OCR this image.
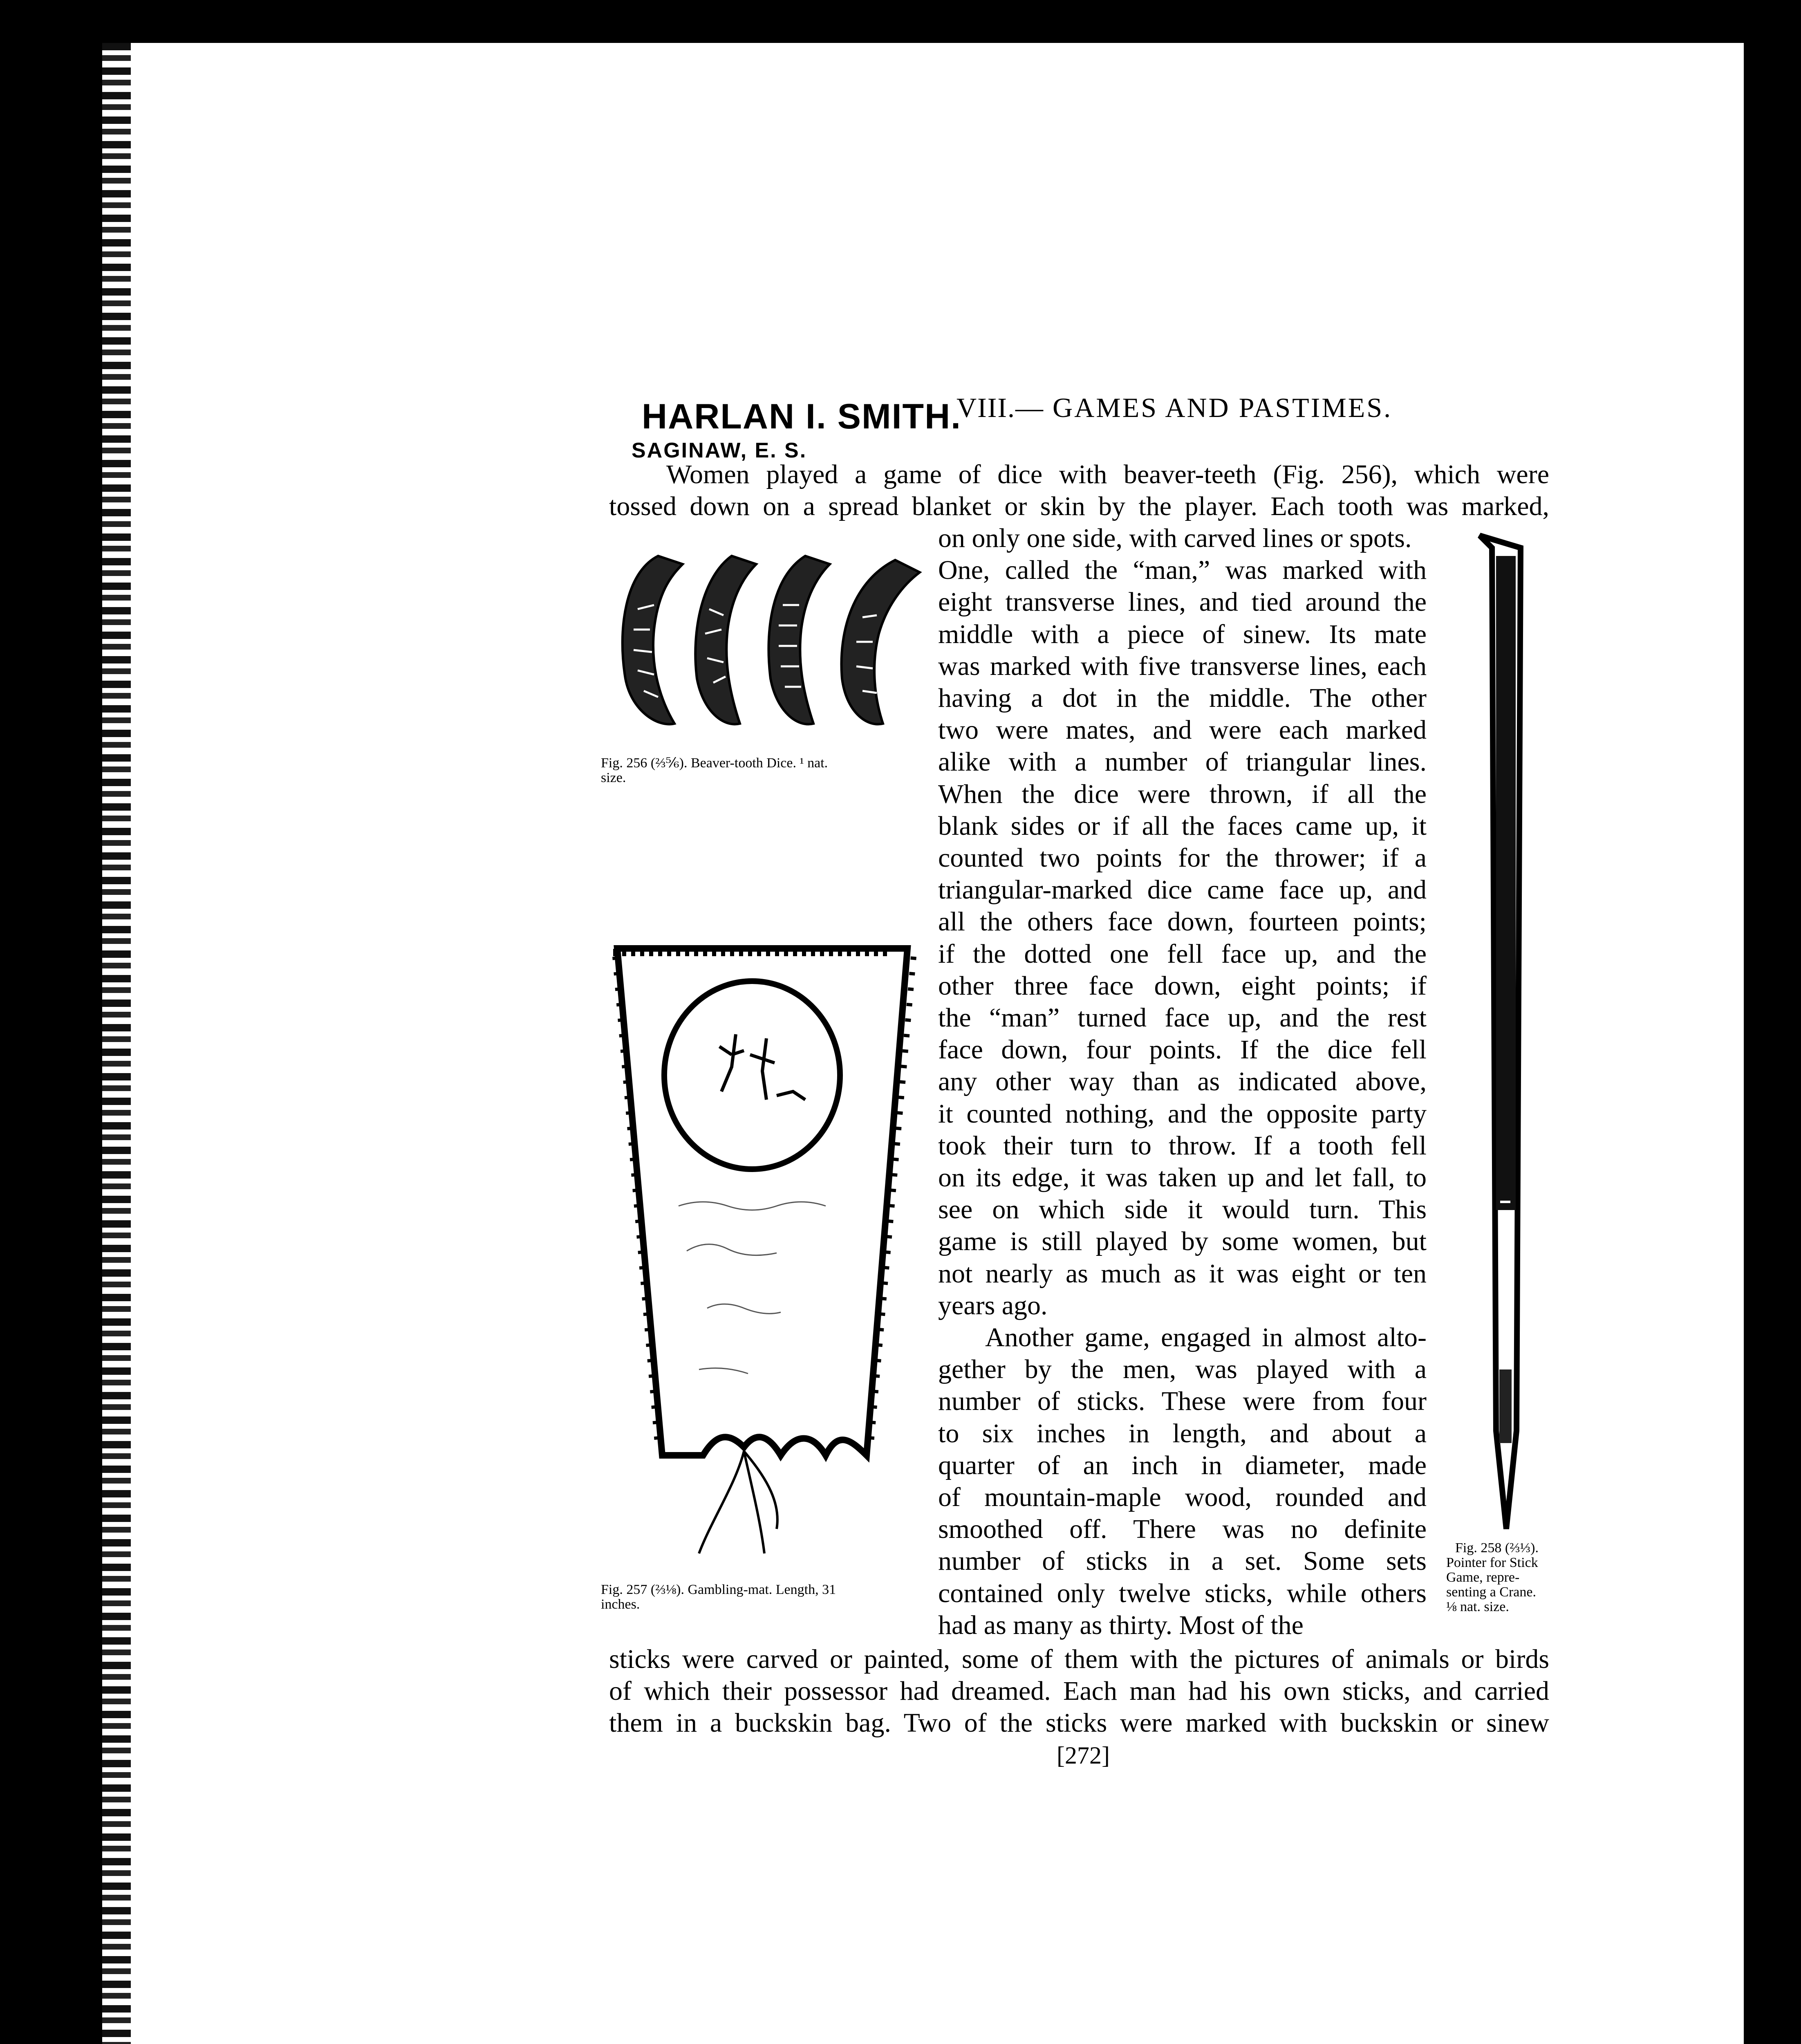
HARLAN I. SMITH.
SAGINAW, E. S.
VIII.— GAMES AND PASTIMES.
Women played a game of dice with beaver-teeth (Fig. 256), which were
tossed down on a spread blanket or skin by the player. Each tooth was marked,
on only one side, with carved lines or spots.
One, called the “man,” was marked with
eight transverse lines, and tied around the
middle with a piece of sinew. Its mate
was marked with five transverse lines, each
having a dot in the middle. The other
two were mates, and were each marked
alike with a number of triangular lines.
When the dice were thrown, if all the
blank sides or if all the faces came up, it
counted two points for the thrower; if a
triangular-marked dice came face up, and
all the others face down, fourteen points;
if the dotted one fell face up, and the
other three face down, eight points; if
the “man” turned face up, and the rest
face down, four points. If the dice fell
any other way than as indicated above,
it counted nothing, and the opposite party
took their turn to throw. If a tooth fell
on its edge, it was taken up and let fall, to
see on which side it would turn. This
game is still played by some women, but
not nearly as much as it was eight or ten
years ago.
Another game, engaged in almost alto-
gether by the men, was played with a
number of sticks. These were from four
to six inches in length, and about a
quarter of an inch in diameter, made
of mountain-maple wood, rounded and
smoothed off. There was no definite
number of sticks in a set. Some sets
contained only twelve sticks, while others
had as many as thirty. Most of the
sticks were carved or painted, some of them with the pictures of animals or birds
of which their possessor had dreamed. Each man had his own sticks, and carried
them in a buckskin bag. Two of the sticks were marked with buckskin or sinew
Fig. 256 (⅔⅚). Beaver-tooth Dice. ¹ nat.
size.
Fig. 257 (⅔⅛). Gambling-mat. Length, 31
inches.
Fig. 258 (⅔⅓).
Pointer for Stick
Game, repre-
senting a Crane.
⅛ nat. size.
[272]
